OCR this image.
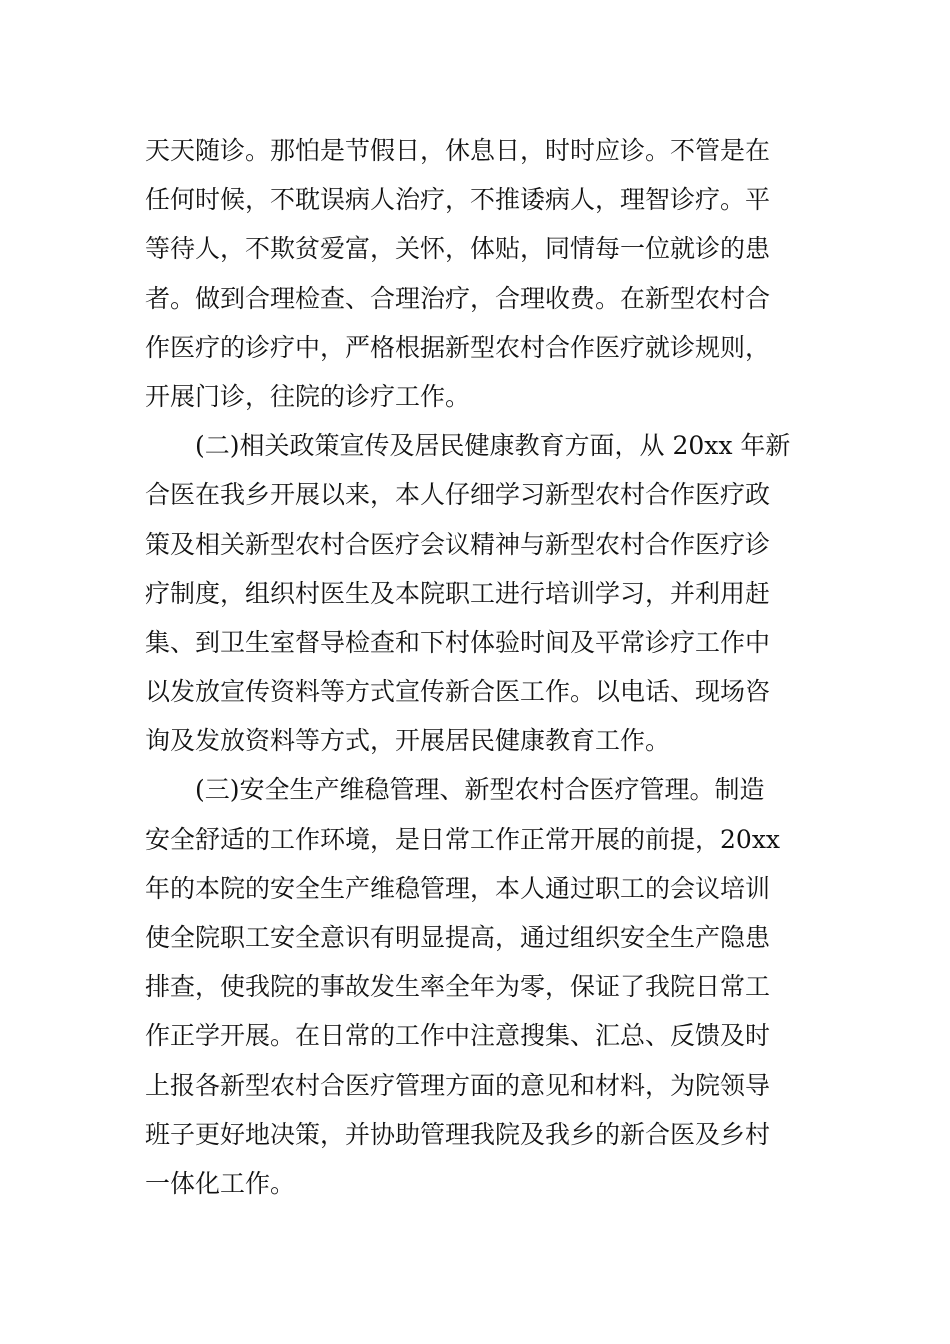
天天随诊。那怕是节假日，休息日，时时应诊。不管是在
任何时候，不耽误病人治疗，不推诿病人，理智诊疗。平
等待人，不欺贫爱富，关怀，体贴，同情每一位就诊的患
者。做到合理检查、合理治疗，合理收费。在新型农村合
作医疗的诊疗中，严格根据新型农村合作医疗就诊规则，
开展门诊，往院的诊疗工作。
(二)相关政策宣传及居民健康教育方面，从 20xx 年新
合医在我乡开展以来，本人仔细学习新型农村合作医疗政
策及相关新型农村合医疗会议精神与新型农村合作医疗诊
疗制度，组织村医生及本院职工进行培训学习，并利用赶
集、到卫生室督导检查和下村体验时间及平常诊疗工作中
以发放宣传资料等方式宣传新合医工作。以电话、现场咨
询及发放资料等方式，开展居民健康教育工作。
(三)安全生产维稳管理、新型农村合医疗管理。制造
安全舒适的工作环境，是日常工作正常开展的前提，20xx
年的本院的安全生产维稳管理，本人通过职工的会议培训
使全院职工安全意识有明显提高，通过组织安全生产隐患
排查，使我院的事故发生率全年为零，保证了我院日常工
作正学开展。在日常的工作中注意搜集、汇总、反馈及时
上报各新型农村合医疗管理方面的意见和材料，为院领导
班子更好地决策，并协助管理我院及我乡的新合医及乡村
一体化工作。
